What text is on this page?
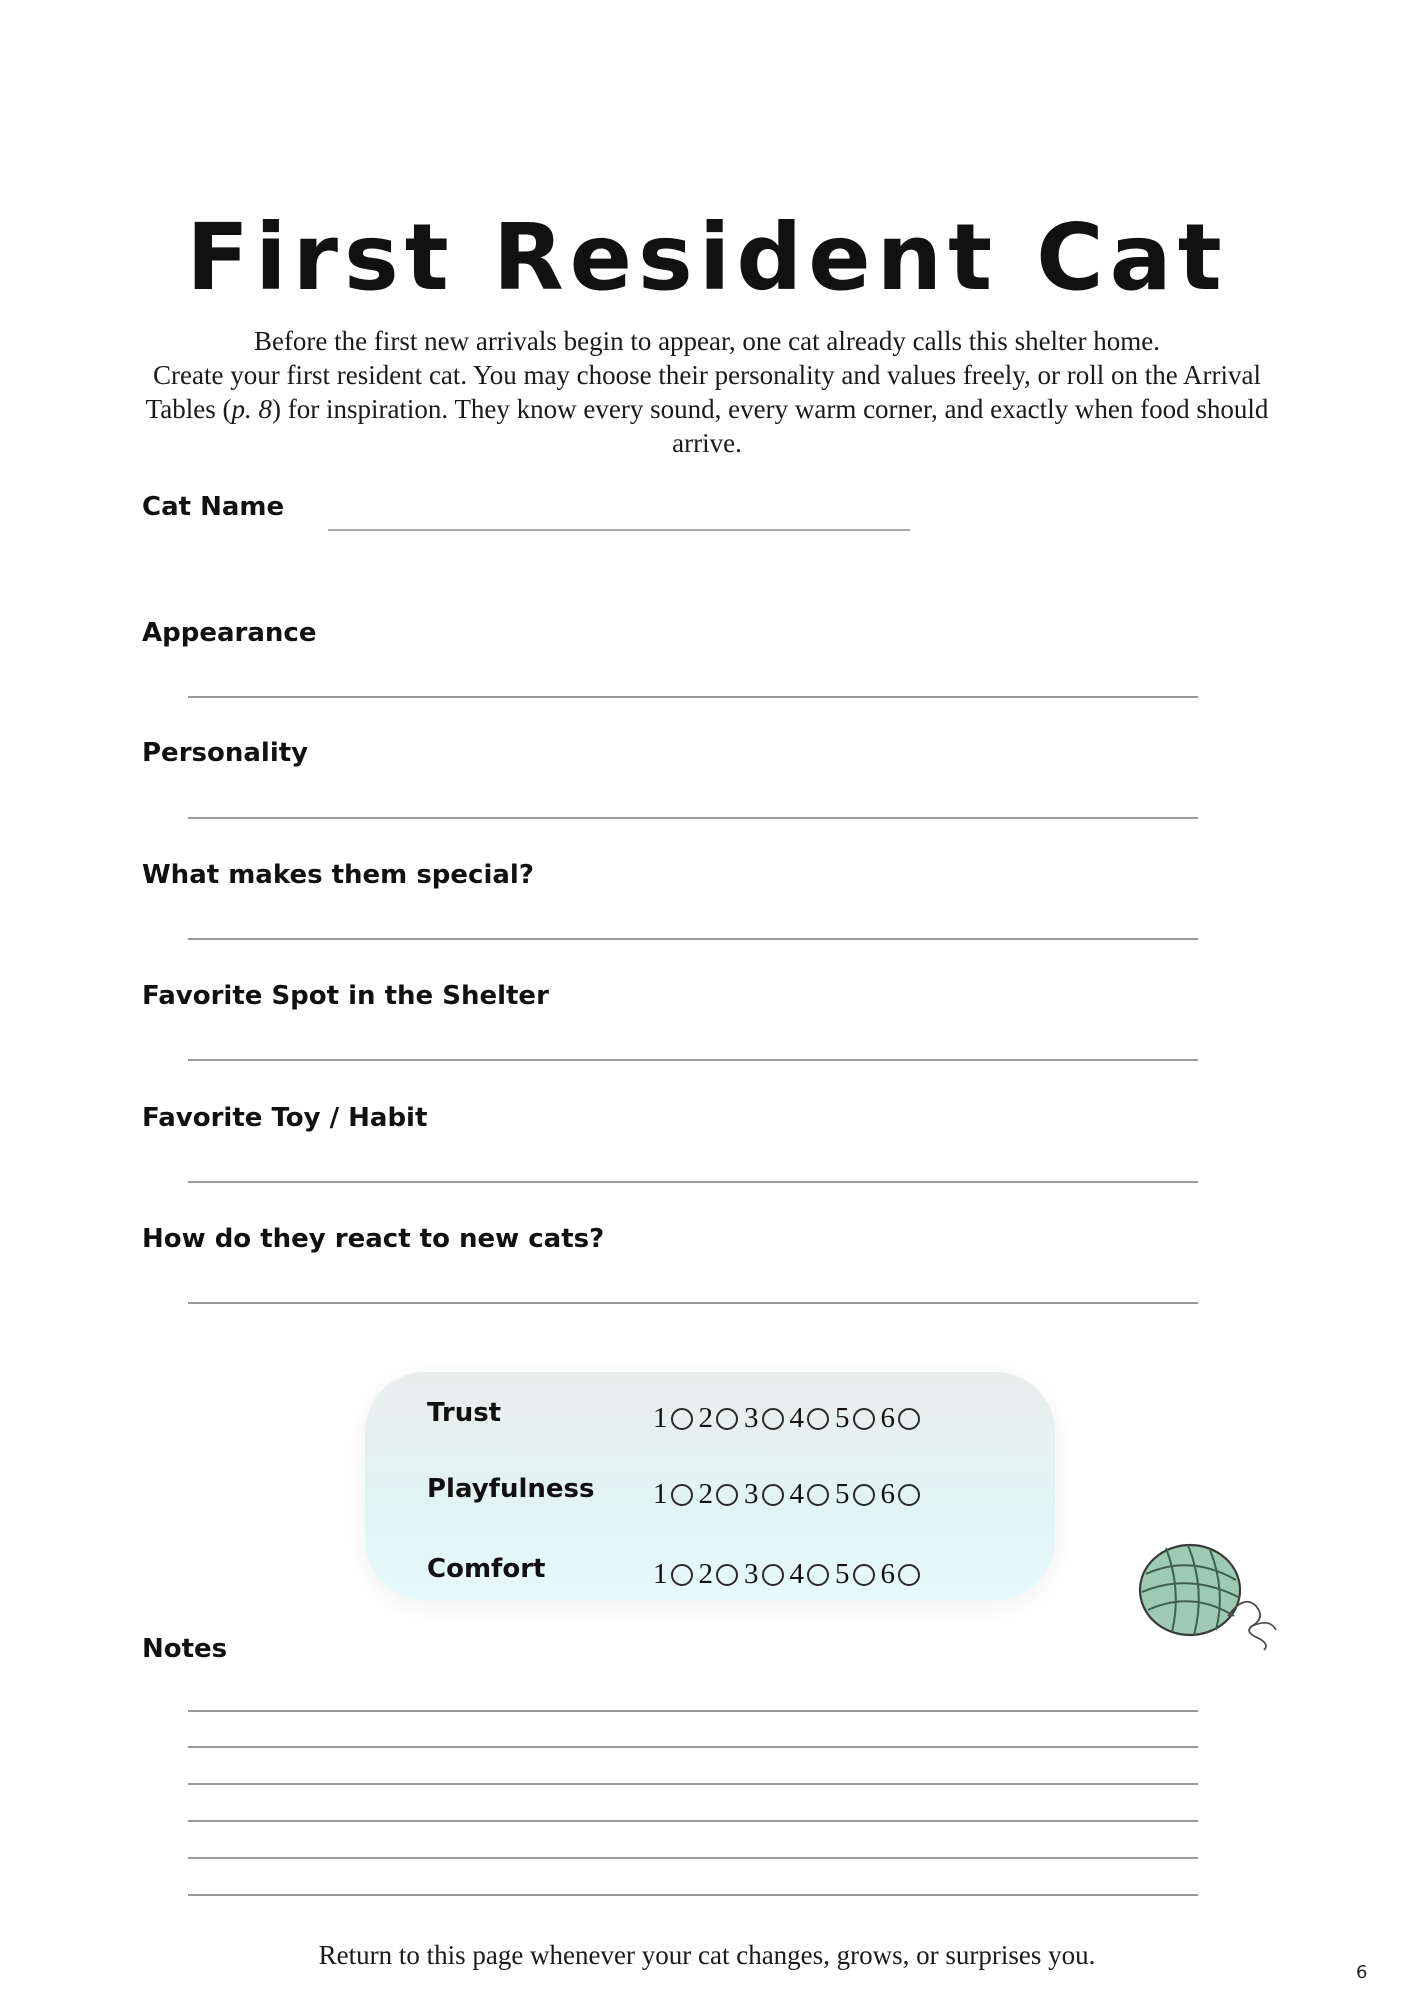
First Resident Cat

Before the first new arrivals begin to appear, one cat already calls this shelter home.

Create your first resident cat. You may choose their personality and values freely, or roll on the Arrival Tables (p. 8) for inspiration. They know every sound, every warm corner, and exactly when food should arrive.

Cat Name
Appearance
Personality
What makes them special?
Favorite Spot in the Shelter
Favorite Toy / Habit
How do they react to new cats?
Trust	1 2 3 4 5 6
Playfulness 1 2 3 4 5 6
Comfort	1 2 3 4 5 6
Notes
Return to this page whenever your cat changes, grows, or surprises you.
6
